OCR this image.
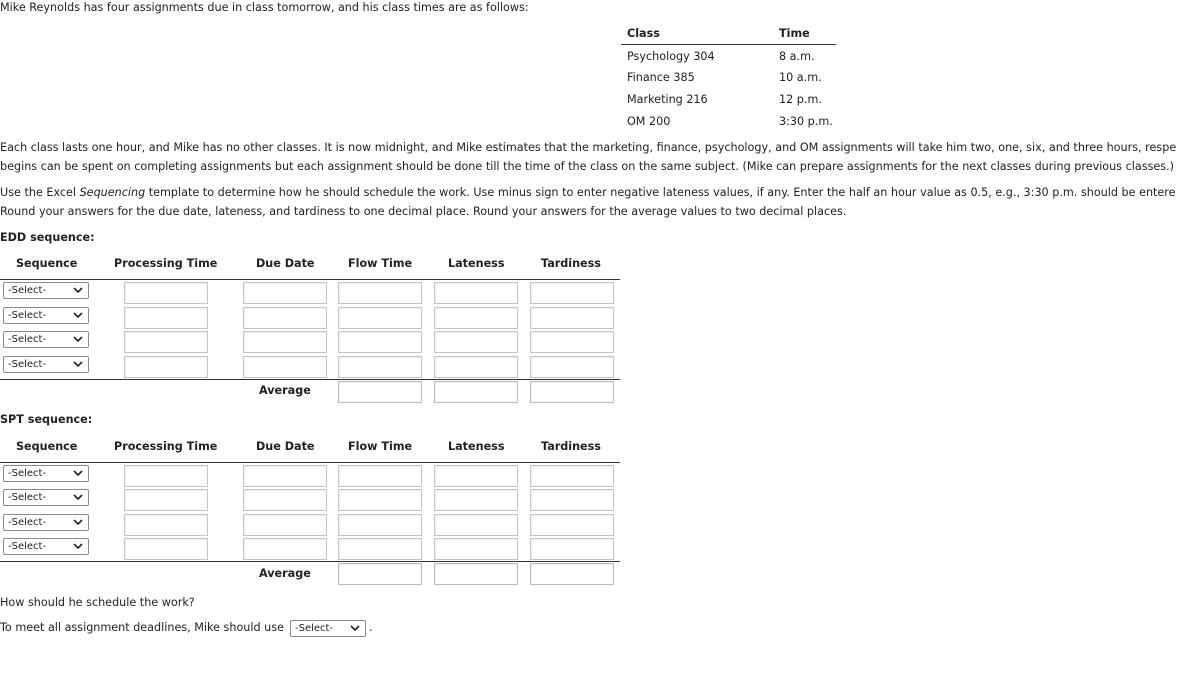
Mike Reynolds has four assignments due in class tomorrow, and his class times are as follows:
Class	Time
Psychology 304	8 a.m.
Finance 385	10 a.m.
Marketing 216	12 p.m.
OM 200	3:30 p.m.
Each class lasts one hour, and Mike has no other classes. It is now midnight, and Mike estimates that the marketing, finance, psychology, and OM assignments will take him two, one, six, and three hours, respe
begins can be spent on completing assignments but each assignment should be done till the time of the class on the same subject. (Mike can prepare assignments for the next classes during previous classes.)
Use the Excel Sequencing template to determine how he should schedule the work. Use minus sign to enter negative lateness values, if any. Enter the half an hour value as 0.5, e.g., 3:30 p.m. should be entere
Round your answers for the due date, lateness, and tardiness to one decimal place. Round your answers for the average values to two decimal places.
EDD sequence:
Sequence	Processing Time	Due Date	Flow Time	Lateness	Tardiness
-Select-
-Select-
-Select-
-Select-
Average
SPT sequence:
Sequence	Processing Time	Due Date	Flow Time	Lateness	Tardiness
-Select-
-Select-
-Select-
-Select-
Average
How should he schedule the work?
To meet all assignment deadlines, Mike should use	-Select-	.
